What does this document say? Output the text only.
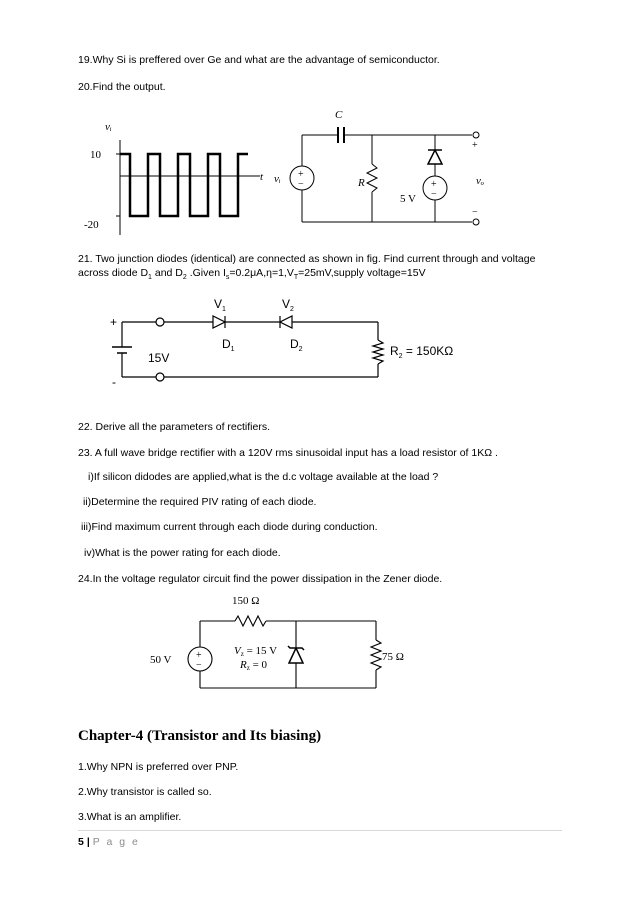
19.Why Si is preffered over Ge and what are the advantage of semiconductor.
20.Find the output.
vᵢ
10
-20
t
C
+
−
vᵢ	R
5 V
+
−
+
−
vₒ
21. Two junction diodes (identical) are connected as shown in fig. Find current through and voltage across diode $D_1$ and $D_2$ .Given $I_s=0.2\mu A,\eta=1,V_T=25mV,supply$ voltage=15V
+
-
15V
$V_1$	$V_2$
$D_1$	$D_2$	$R_2 = 150K\Omega$
22. Derive all the parameters of rectifiers.
23. A full wave bridge rectifier with a 120V rms sinusoidal input has a load resistor of 1KΩ .
i)If silicon didodes are applied,what is the d.c voltage available at the load ?
ii)Determine the required PIV rating of each diode.
iii)Find maximum current through each diode during conduction.
iv)What is the power rating for each diode.
24.In the voltage regulator circuit find the power dissipation in the Zener diode.
150 Ω
50 V +
−
Vz = 15 V
Rz = 0
75 Ω
Chapter-4 (Transistor and Its biasing)
1.Why NPN is preferred over PNP.
2.Why transistor is called so.
3.What is an amplifier.
5 | P a g e
